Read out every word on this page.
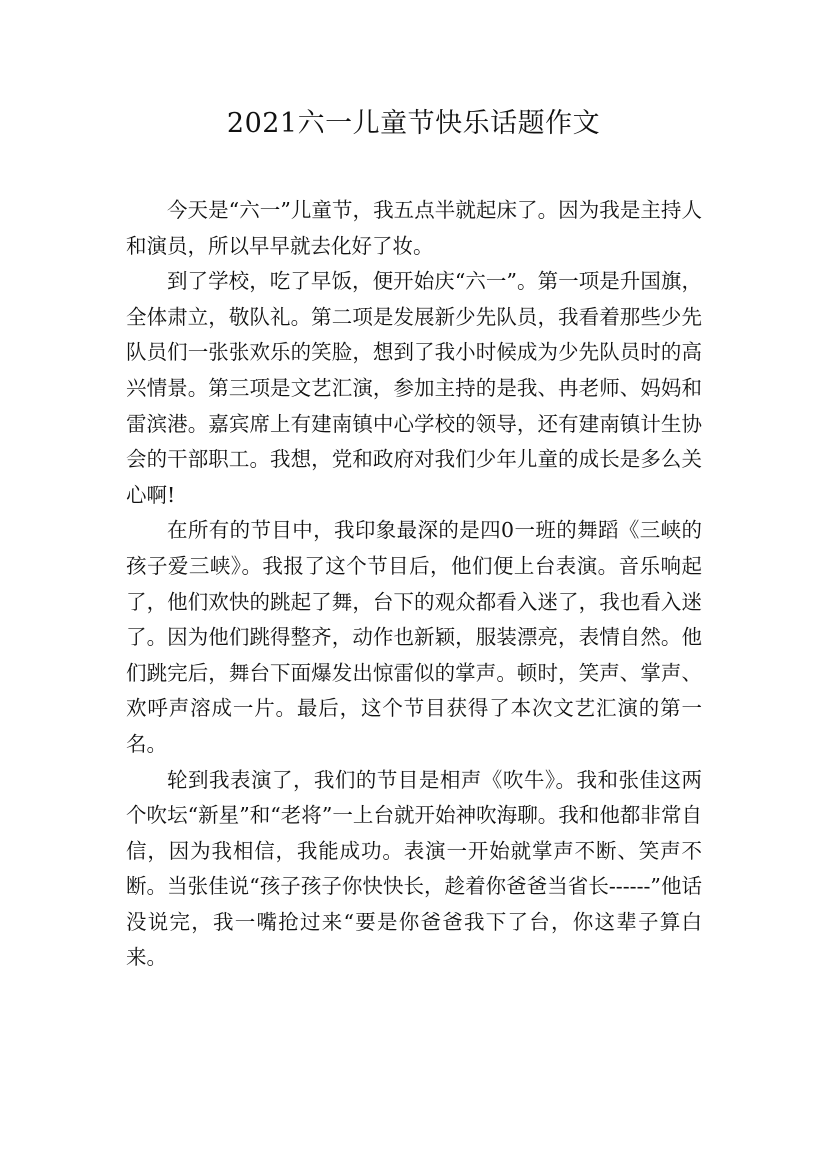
2021六一儿童节快乐话题作文

今天是“六一”儿童节，我五点半就起床了。因为我是主持人和演员，所以早早就去化好了妆。

到了学校，吃了早饭，便开始庆“六一”。第一项是升国旗，全体肃立，敬队礼。第二项是发展新少先队员，我看着那些少先队员们一张张欢乐的笑脸，想到了我小时候成为少先队员时的高兴情景。第三项是文艺汇演，参加主持的是我、冉老师、妈妈和雷滨港。嘉宾席上有建南镇中心学校的领导，还有建南镇计生协会的干部职工。我想，党和政府对我们少年儿童的成长是多么关心啊!

在所有的节目中，我印象最深的是四0一班的舞蹈《三峡的孩子爱三峡》。我报了这个节目后，他们便上台表演。音乐响起了，他们欢快的跳起了舞，台下的观众都看入迷了，我也看入迷了。因为他们跳得整齐，动作也新颖，服装漂亮，表情自然。他们跳完后，舞台下面爆发出惊雷似的掌声。顿时，笑声、掌声、欢呼声溶成一片。最后，这个节目获得了本次文艺汇演的第一名。

轮到我表演了，我们的节目是相声《吹牛》。我和张佳这两个吹坛“新星”和“老将”一上台就开始神吹海聊。我和他都非常自信，因为我相信，我能成功。表演一开始就掌声不断、笑声不断。当张佳说“孩子孩子你快快长，趁着你爸爸当省长------”他话没说完，我一嘴抢过来“要是你爸爸我下了台，你这辈子算白来。
